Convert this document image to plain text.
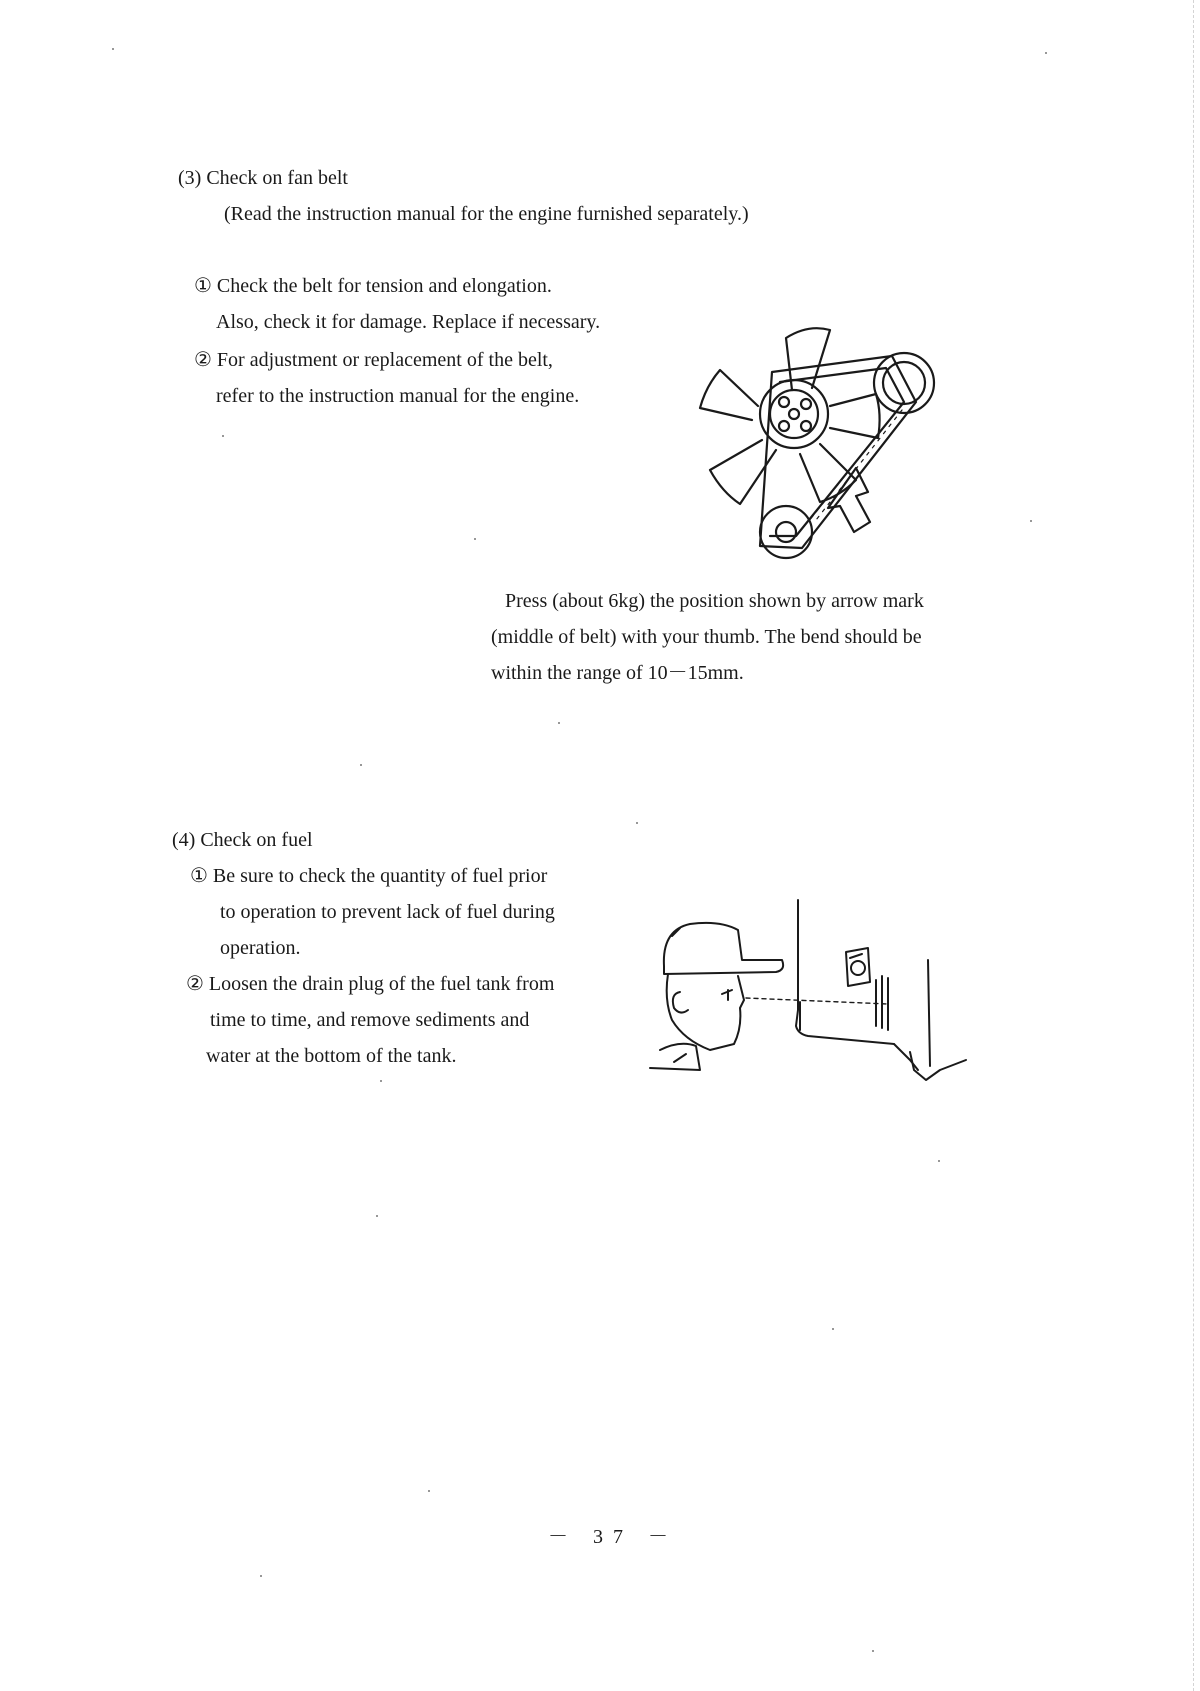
(3) Check on fan belt
(Read the instruction manual for the engine furnished separately.)
① Check the belt for tension and elongation.
Also, check it for damage. Replace if necessary.
② For adjustment or replacement of the belt,
refer to the instruction manual for the engine.
Press (about 6kg) the position shown by arrow mark
(middle of belt) with your thumb. The bend should be
within the range of 10－15mm.
(4) Check on fuel
① Be sure to check the quantity of fuel prior
to operation to prevent lack of fuel during
operation.
② Loosen the drain plug of the fuel tank from
time to time, and remove sediments and
water at the bottom of the tank.
－ 37 －
